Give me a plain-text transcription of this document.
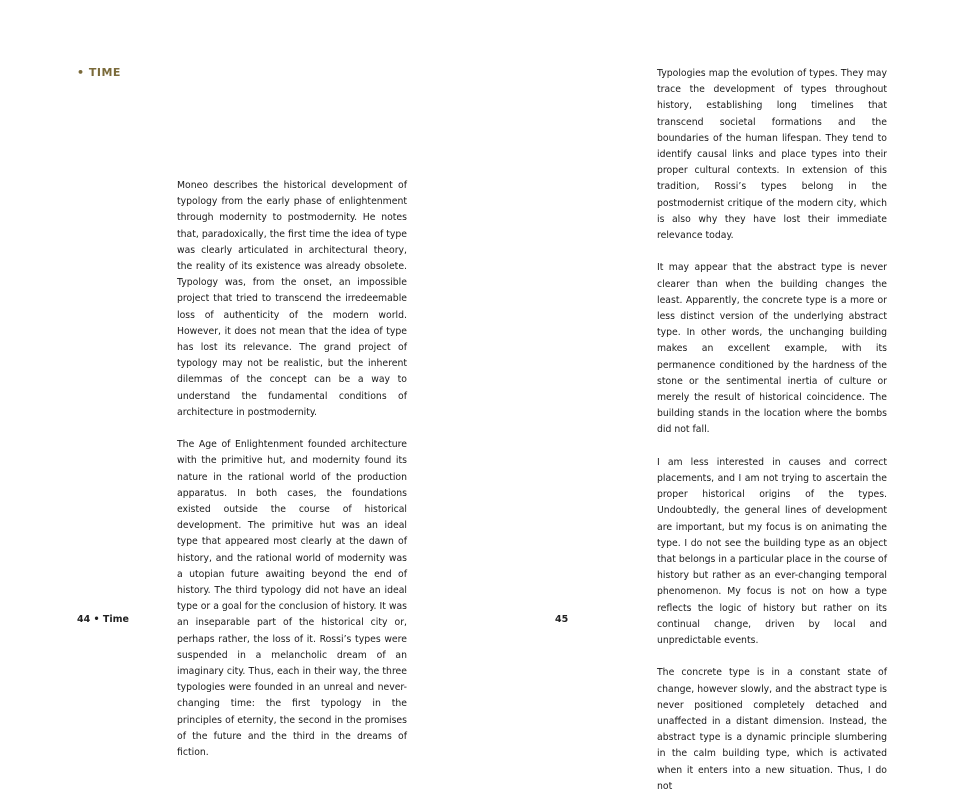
• TIME

Moneo describes the historical development of typology from the early phase of enlightenment through modernity to postmodernity. He notes that, paradoxically, the first time the idea of type was clearly articulated in architectural theory, the reality of its existence was already obsolete. Typology was, from the onset, an impossible project that tried to transcend the irredeemable loss of authenticity of the modern world. However, it does not mean that the idea of type has lost its relevance. The grand project of typology may not be realistic, but the inherent dilemmas of the concept can be a way to understand the fundamental conditions of architecture in postmodernity.

The Age of Enlightenment founded architecture with the primitive hut, and modernity found its nature in the rational world of the production apparatus. In both cases, the foundations existed outside the course of historical development. The primitive hut was an ideal type that appeared most clearly at the dawn of history, and the rational world of modernity was a utopian future awaiting beyond the end of history. The third typology did not have an ideal type or a goal for the conclusion of history. It was an inseparable part of the historical city or, perhaps rather, the loss of it. Rossi’s types were suspended in a melancholic dream of an imaginary city. Thus, each in their way, the three typologies were founded in an unreal and never-changing time: the first typology in the principles of eternity, the second in the promises of the future and the third in the dreams of fiction.

Typologies map the evolution of types. They may trace the development of types throughout history, establishing long timelines that transcend societal formations and the boundaries of the human lifespan. They tend to identify causal links and place types into their proper cultural contexts. In extension of this tradition, Rossi’s types belong in the postmodernist critique of the modern city, which is also why they have lost their immediate relevance today.

It may appear that the abstract type is never clearer than when the building changes the least. Apparently, the concrete type is a more or less distinct version of the underlying abstract type. In other words, the unchanging building makes an excellent example, with its permanence conditioned by the hardness of the stone or the sentimental inertia of culture or merely the result of historical coincidence. The building stands in the location where the bombs did not fall.

I am less interested in causes and correct placements, and I am not trying to ascertain the proper historical origins of the types. Undoubtedly, the general lines of development are important, but my focus is on animating the type. I do not see the building type as an object that belongs in a particular place in the course of history but rather as an ever-changing temporal phenomenon. My focus is not on how a type reflects the logic of history but rather on its continual change, driven by local and unpredictable events.

The concrete type is in a constant state of change, however slowly, and the abstract type is never positioned completely detached and unaffected in a distant dimension. Instead, the abstract type is a dynamic principle slumbering in the calm building type, which is activated when it enters into a new situation. Thus, I do not

44 • Time	45
